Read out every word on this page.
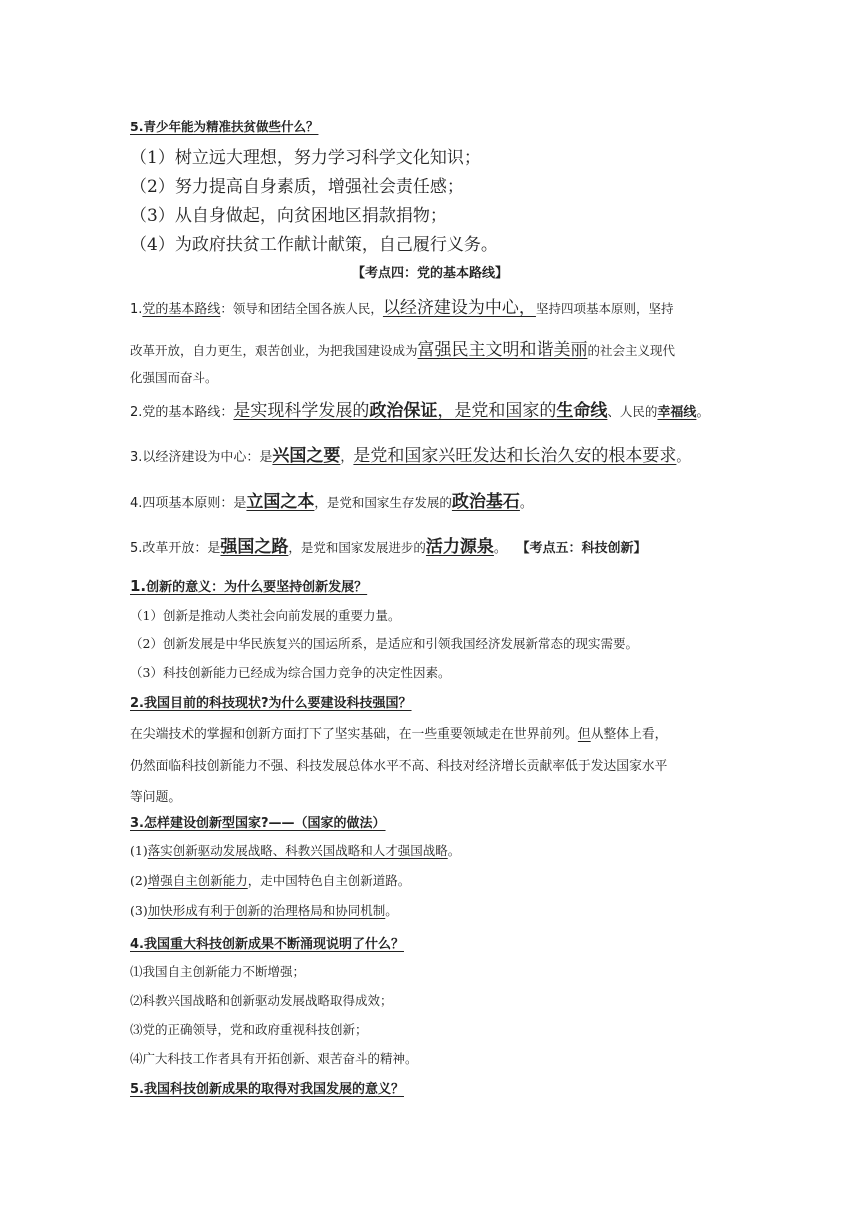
5.青少年能为精准扶贫做些什么？
（1）树立远大理想，努力学习科学文化知识；
（2）努力提高自身素质，增强社会责任感；
（3）从自身做起，向贫困地区捐款捐物；
（4）为政府扶贫工作献计献策，自己履行义务。
【考点四：党的基本路线】
1.党的基本路线：领导和团结全国各族人民，以经济建设为中心，坚持四项基本原则，坚持
改革开放，自力更生，艰苦创业，为把我国建设成为富强民主文明和谐美丽的社会主义现代
化强国而奋斗。
2.党的基本路线：是实现科学发展的政治保证，是党和国家的生命线、人民的幸福线。
3.以经济建设为中心：是兴国之要，是党和国家兴旺发达和长治久安的根本要求。
4.四项基本原则：是立国之本，是党和国家生存发展的政治基石。
5.改革开放：是强国之路，是党和国家发展进步的活力源泉。 【考点五：科技创新】
1.创新的意义：为什么要坚持创新发展？
（1）创新是推动人类社会向前发展的重要力量。
（2）创新发展是中华民族复兴的国运所系，是适应和引领我国经济发展新常态的现实需要。
（3）科技创新能力已经成为综合国力竞争的决定性因素。
2.我国目前的科技现状?为什么要建设科技强国？
在尖端技术的掌握和创新方面打下了坚实基础，在一些重要领域走在世界前列。但从整体上看，
仍然面临科技创新能力不强、科技发展总体水平不高、科技对经济增长贡献率低于发达国家水平
等问题。
3.怎样建设创新型国家?——（国家的做法）
(1)落实创新驱动发展战略、科教兴国战略和人才强国战略。
(2)增强自主创新能力，走中国特色自主创新道路。
(3)加快形成有利于创新的治理格局和协同机制。
4.我国重大科技创新成果不断涌现说明了什么？
⑴我国自主创新能力不断增强；
⑵科教兴国战略和创新驱动发展战略取得成效；
⑶党的正确领导，党和政府重视科技创新；
⑷广大科技工作者具有开拓创新、艰苦奋斗的精神。
5.我国科技创新成果的取得对我国发展的意义？
